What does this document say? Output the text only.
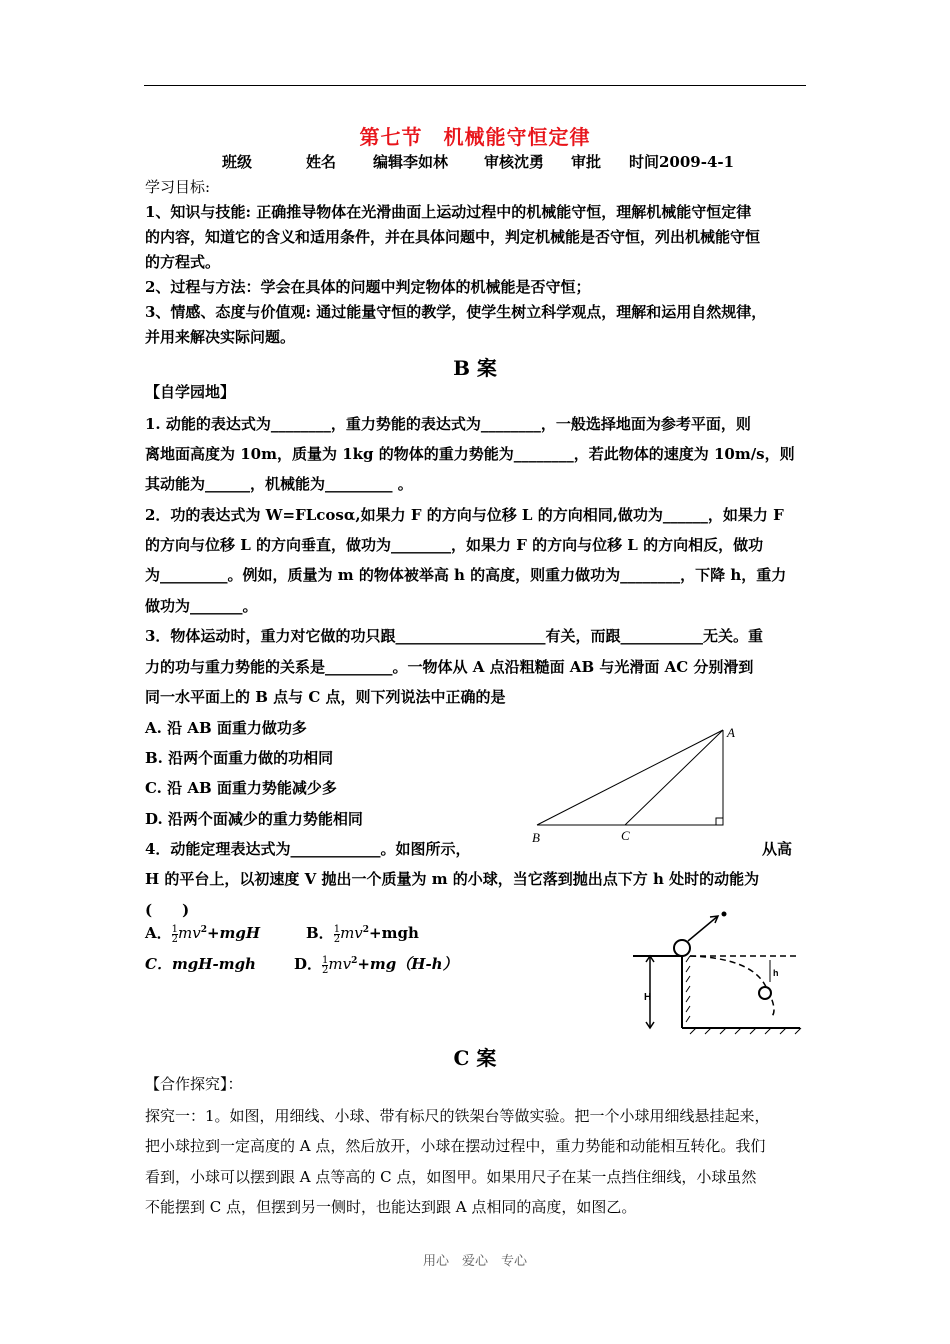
第七节　机械能守恒定律
班级	姓名 编辑李如林 审核沈勇 审批 时间2009-4-1
学习目标:
1、知识与技能: 正确推导物体在光滑曲面上运动过程中的机械能守恒，理解机械能守恒定律
的内容，知道它的含义和适用条件，并在具体问题中，判定机械能是否守恒，列出机械能守恒
的方程式。
2、过程与方法：学会在具体的问题中判定物体的机械能是否守恒；
3、情感、态度与价值观: 通过能量守恒的教学，使学生树立科学观点，理解和运用自然规律，
并用来解决实际问题。
B 案
【自学园地】
1. 动能的表达式为________，重力势能的表达式为________，一般选择地面为参考平面，则
离地面高度为 10m，质量为 1kg 的物体的重力势能为________，若此物体的速度为 10m/s，则
其动能为______，机械能为_________ 。
2．功的表达式为 W=FLcosα,如果力 F 的方向与位移 L 的方向相同,做功为______，如果力 F
的方向与位移 L 的方向垂直，做功为________，如果力 F 的方向与位移 L 的方向相反，做功
为_________。例如，质量为 m 的物体被举高 h 的高度，则重力做功为________，下降 h，重力
做功为_______。
3．物体运动时，重力对它做的功只跟____________________有关，而跟___________无关。重
力的功与重力势能的关系是_________。一物体从 A 点沿粗糙面 AB 与光滑面 AC 分别滑到
同一水平面上的 B 点与 C 点，则下列说法中正确的是
A. 沿 AB 面重力做功多
B. 沿两个面重力做的功相同
C. 沿 AB 面重力势能减少多
D. 沿两个面减少的重力势能相同
A
B	C
4．动能定理表达式为____________。如图所示，	从高
H 的平台上，以初速度 V 抛出一个质量为 m 的小球，当它落到抛出点下方 h 处时的动能为
(　　)
A． $\frac{1}{2} mv^2+mgH$	B． $\frac{1}{2} mv^2+mgh$
C．mgH-mgh	D． $\frac{1}{2} mv^2+mg(H-h)$
H
h
C 案
【合作探究】：
探究一：1。如图，用细线、小球、带有标尺的铁架台等做实验。把一个小球用细线悬挂起来，
把小球拉到一定高度的 A 点，然后放开，小球在摆动过程中，重力势能和动能相互转化。我们
看到，小球可以摆到跟 A 点等高的 C 点，如图甲。如果用尺子在某一点挡住细线，小球虽然
不能摆到 C 点，但摆到另一侧时，也能达到跟 A 点相同的高度，如图乙。
用心　爱心　专心
